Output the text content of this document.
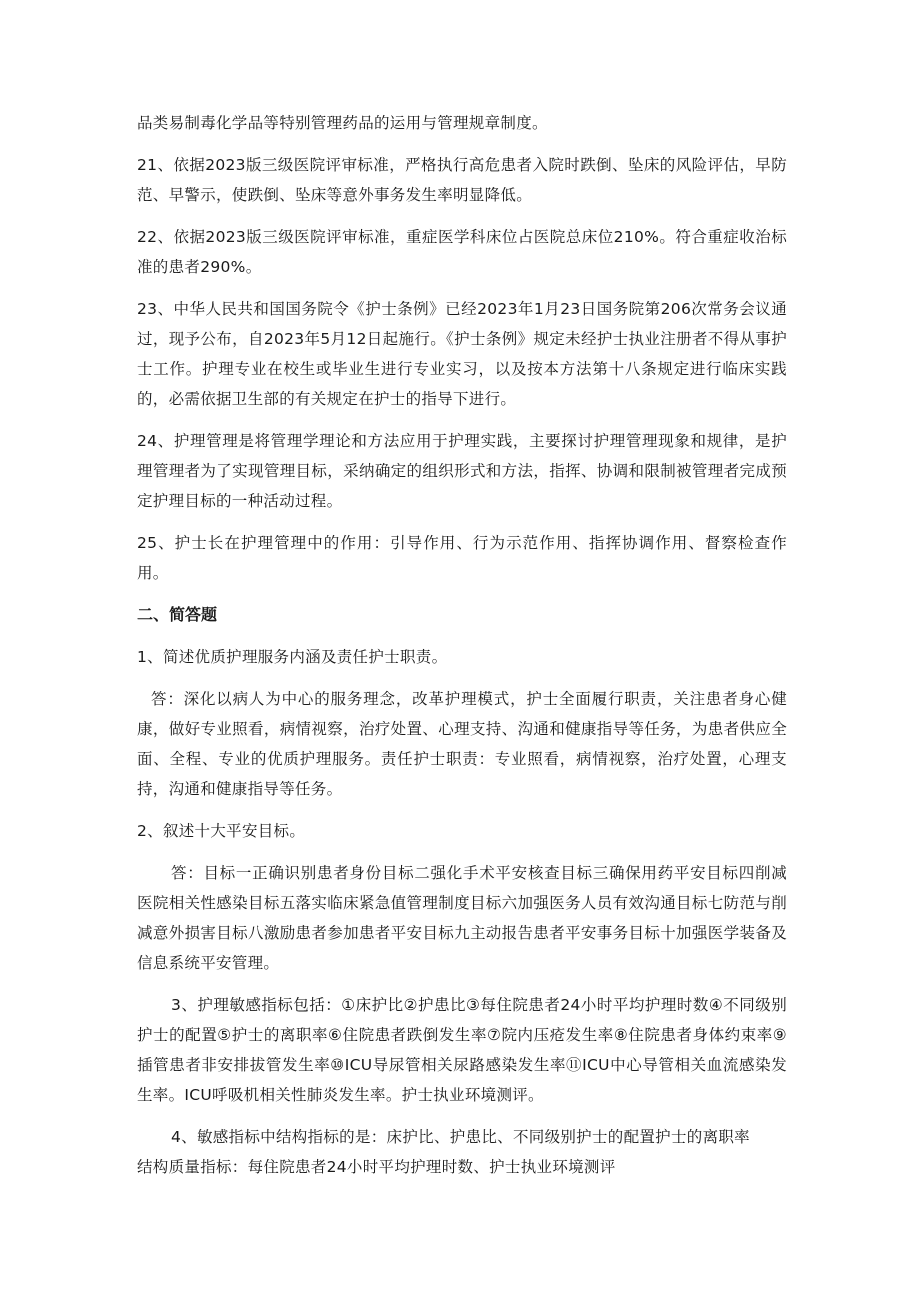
品类易制毒化学品等特别管理药品的运用与管理规章制度。

21、依据2023版三级医院评审标准，严格执行高危患者入院时跌倒、坠床的风险评估，早防范、早警示，使跌倒、坠床等意外事务发生率明显降低。

22、依据2023版三级医院评审标准，重症医学科床位占医院总床位210%。符合重症收治标准的患者290%。

23、中华人民共和国国务院令《护士条例》已经2023年1月23日国务院第206次常务会议通过，现予公布，自2023年5月12日起施行。《护士条例》规定未经护士执业注册者不得从事护士工作。护理专业在校生或毕业生进行专业实习，以及按本方法第十八条规定进行临床实践的，必需依据卫生部的有关规定在护士的指导下进行。

24、护理管理是将管理学理论和方法应用于护理实践，主要探讨护理管理现象和规律，是护理管理者为了实现管理目标，采纳确定的组织形式和方法，指挥、协调和限制被管理者完成预定护理目标的一种活动过程。

25、护士长在护理管理中的作用：引导作用、行为示范作用、指挥协调作用、督察检查作用。

二、简答题

1、简述优质护理服务内涵及责任护士职责。

答：深化以病人为中心的服务理念，改革护理模式，护士全面履行职责，关注患者身心健康，做好专业照看，病情视察，治疗处置、心理支持、沟通和健康指导等任务，为患者供应全面、全程、专业的优质护理服务。责任护士职责：专业照看，病情视察，治疗处置，心理支持，沟通和健康指导等任务。

2、叙述十大平安目标。

答：目标一正确识别患者身份目标二强化手术平安核查目标三确保用药平安目标四削减医院相关性感染目标五落实临床紧急值管理制度目标六加强医务人员有效沟通目标七防范与削减意外损害目标八激励患者参加患者平安目标九主动报告患者平安事务目标十加强医学装备及信息系统平安管理。

3、护理敏感指标包括：①床护比②护患比③每住院患者24小时平均护理时数④不同级别护士的配置⑤护士的离职率⑥住院患者跌倒发生率⑦院内压疮发生率⑧住院患者身体约束率⑨插管患者非安排拔管发生率⑩ICU导尿管相关尿路感染发生率⑪ICU中心导管相关血流感染发生率。ICU呼吸机相关性肺炎发生率。护士执业环境测评。

4、敏感指标中结构指标的是：床护比、护患比、不同级别护士的配置护士的离职率

结构质量指标：每住院患者24小时平均护理时数、护士执业环境测评
